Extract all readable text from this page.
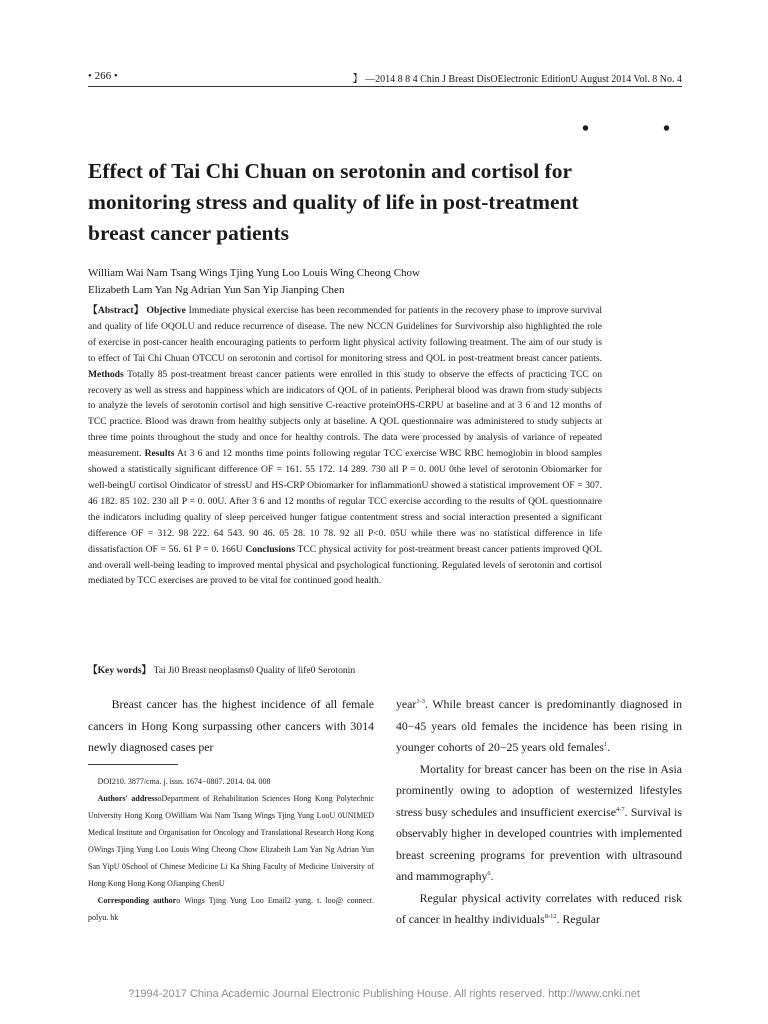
• 266 •	】 —2014 8 8 4 Chin J Breast DisOElectronic EditionU August 2014 Vol. 8 No. 4
•	•
Effect of Tai Chi Chuan on serotonin and cortisol for monitoring stress and quality of life in post-treatment breast cancer patients
William Wai Nam Tsang Wings Tjing Yung Loo Louis Wing Cheong Chow
Elizabeth Lam Yan Ng Adrian Yun San Yip Jianping Chen

【Abstract】 Objective Immediate physical exercise has been recommended for patients in the recovery phase to improve survival and quality of life OQOLU and reduce recurrence of disease. The new NCCN Guidelines for Survivorship also highlighted the role of exercise in post-cancer health encouraging patients to perform light physical activity following treatment. The aim of our study is to effect of Tai Chi Chuan OTCCU on serotonin and cortisol for monitoring stress and QOL in post-treatment breast cancer patients. Methods Totally 85 post-treatment breast cancer patients were enrolled in this study to observe the effects of practicing TCC on recovery as well as stress and happiness which are indicators of QOL of in patients. Peripheral blood was drawn from study subjects to analyze the levels of serotonin cortisol and high sensitive C-reactive proteinOHS-CRPU at baseline and at 3 6 and 12 months of TCC practice. Blood was drawn from healthy subjects only at baseline. A QOL questionnaire was administered to study subjects at three time points throughout the study and once for healthy controls. The data were processed by analysis of variance of repeated measurement. Results At 3 6 and 12 months time points following regular TCC exercise WBC RBC hemoglobin in blood samples showed a statistically significant difference OF = 161. 55 172. 14 289. 730 all P = 0. 00U 0the level of serotonin Obiomarker for well-beingU cortisol Oindicator of stressU and HS-CRP Obiomarker for inflammationU showed a statistical improvement OF = 307. 46 182. 85 102. 230 all P = 0. 00U. After 3 6 and 12 months of regular TCC exercise according to the results of QOL questionnaire the indicators including quality of sleep perceived hunger fatigue contentment stress and social interaction presented a significant difference OF = 312. 98 222. 64 543. 90 46. 05 28. 10 78. 92 all P<0. 05U while there was no statistical difference in life dissatisfaction OF = 56. 61 P = 0. 166U Conclusions TCC physical activity for post-treatment breast cancer patients improved QOL and overall well-being leading to improved mental physical and psychological functioning. Regulated levels of serotonin and cortisol mediated by TCC exercises are proved to be vital for continued good health.

【Key words】 Tai Ji0 Breast neoplasms0 Quality of life0 Serotonin

Breast cancer has the highest incidence of all female cancers in Hong Kong surpassing other cancers with 3014 newly diagnosed cases per

DOI210. 3877/cma. j. issn. 1674−0807. 2014. 04. 008

Authors' addressoDepartment of Rehabilitation Sciences Hong Kong Polytechnic University Hong Kong OWilliam Wai Nam Tsang Wings Tjing Yung LooU 0UNIMED Medical Institute and Organisation for Oncology and Translational Research Hong Kong OWings Tjing Yung Loo Louis Wing Cheong Chow Elizabeth Lam Yan Ng Adrian Yun San YipU 0School of Chinese Medicine Li Ka Shing Faculty of Medicine University of Hong Kong Hong Kong OJianping ChenU

Corresponding authoro Wings Tjing Yung Loo Email2 yung. t. loo@ connect. polyu. hk

year$^{1-3}$. While breast cancer is predominantly diagnosed in 40−45 years old females the incidence has been rising in younger cohorts of 20−25 years old females$^1$.

Mortality for breast cancer has been on the rise in Asia prominently owing to adoption of westernized lifestyles stress busy schedules and insufficient exercise$^{4-7}$. Survival is observably higher in developed countries with implemented breast screening programs for prevention with ultrasound and mammography$^6$.

Regular physical activity correlates with reduced risk of cancer in healthy individuals$^{8-12}$. Regular

?1994-2017 China Academic Journal Electronic Publishing House. All rights reserved. http://www.cnki.net
